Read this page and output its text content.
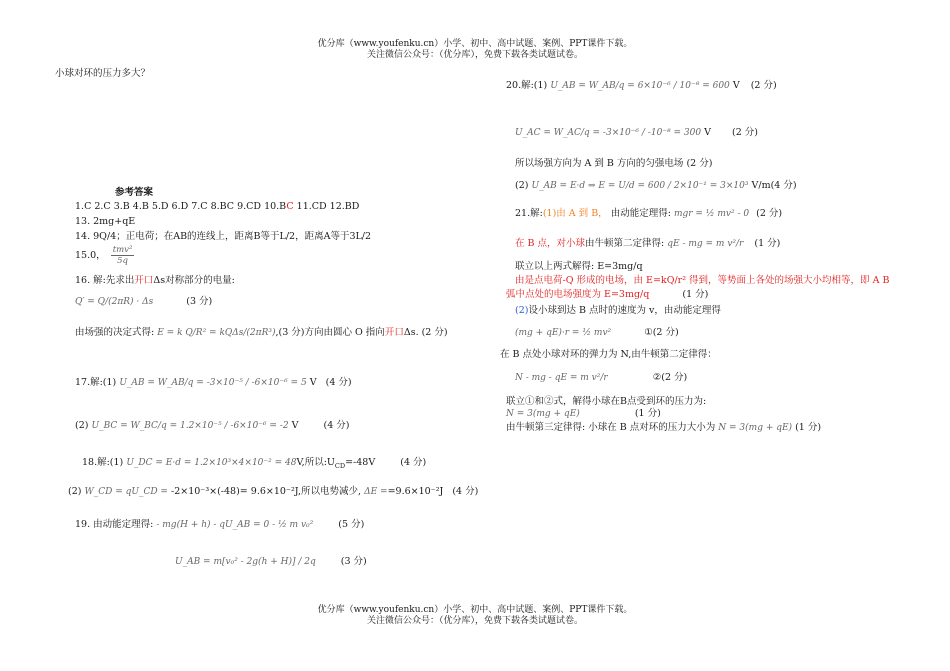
优分库（www.youfenku.cn）小学、初中、高中试题、案例、PPT课件下载。
关注微信公众号：（优分库），免费下载各类试题试卷。
小球对环的压力多大？
参考答案
1.C 2.C 3.B 4.B 5.D 6.D 7.C 8.BC 9.CD 10.BC 11.CD 12.BD
13. 2mg+qE
14. 9Q/4；正电荷；在AB的连线上，距离B等于L/2，距离A等于3L/2
15.0， $\frac{\text{tmv²}}{5q}$
16. 解:先求出开口Δs对称部分的电量:
Q′ = Q/(2πR) · Δs	(3 分)
由场强的决定式得: E = k Q/R² = kQΔs/(2πR³),(3 分)方向由圆心 O 指向开口Δs. (2 分)
17.解:(1) U_AB = W_AB/q = -3×10⁻⁵ / -6×10⁻⁶ = 5 V (4 分)
(2) U_BC = W_BC/q = 1.2×10⁻⁵ / -6×10⁻⁶ = -2 V	(4 分)
18.解:(1) U_DC = E·d = 1.2×10³×4×10⁻² = 48V,所以$:U_{CD}=-48V$	(4 分)
(2) W_CD = qU_CD = -2×10⁻³×(-48)= 9.6×10⁻²J,所以电势减少, ΔE ==9.6×10⁻²J (4 分)
19. 由动能定理得: - mg(H + h) - qU_AB = 0 - ½ m v₀²	(5 分)
U_AB = m[v₀² - 2g(h + H)] / 2q	(3 分)
20.解:(1) U_AB = W_AB/q = 6×10⁻⁶ / 10⁻⁸ = 600 V (2 分)
U_AC = W_AC/q = -3×10⁻⁶ / -10⁻⁸ = 300 V (2 分)
所以场强方向为 A 到 B 方向的匀强电场 (2 分)
(2) U_AB = E·d ⇒ E = U/d = 600 / 2×10⁻¹ = 3×10³ V/m(4 分)
21.解:(1)由 A 到 B， 由动能定理得: mgr = ½ mv² - 0 (2 分)
在 B 点，对小球由牛顿第二定律得: qE - mg = m v²/r (1 分)
联立以上两式解得: E=3mg/q
由是点电荷-Q 形成的电场，由 E=kQ/r² 得到，等势面上各处的场强大小均相等，即 A B
弧中点处的电场强度为 E=3mg/q	(1 分)
(2)设小球到达 B 点时的速度为 v，由动能定理得
(mg + qE)·r = ½ mv²	①(2 分)
在 B 点处小球对环的弹力为 N,由牛顿第二定律得：
N - mg - qE = m v²/r	②(2 分)
联立①和②式，解得小球在B点受到环的压力为:
N = 3(mg + qE)	(1 分)
由牛顿第三定律得: 小球在 B 点对环的压力大小为 N = 3(mg + qE) (1 分)
优分库（www.youfenku.cn）小学、初中、高中试题、案例、PPT课件下载。
关注微信公众号：（优分库），免费下载各类试题试卷。
